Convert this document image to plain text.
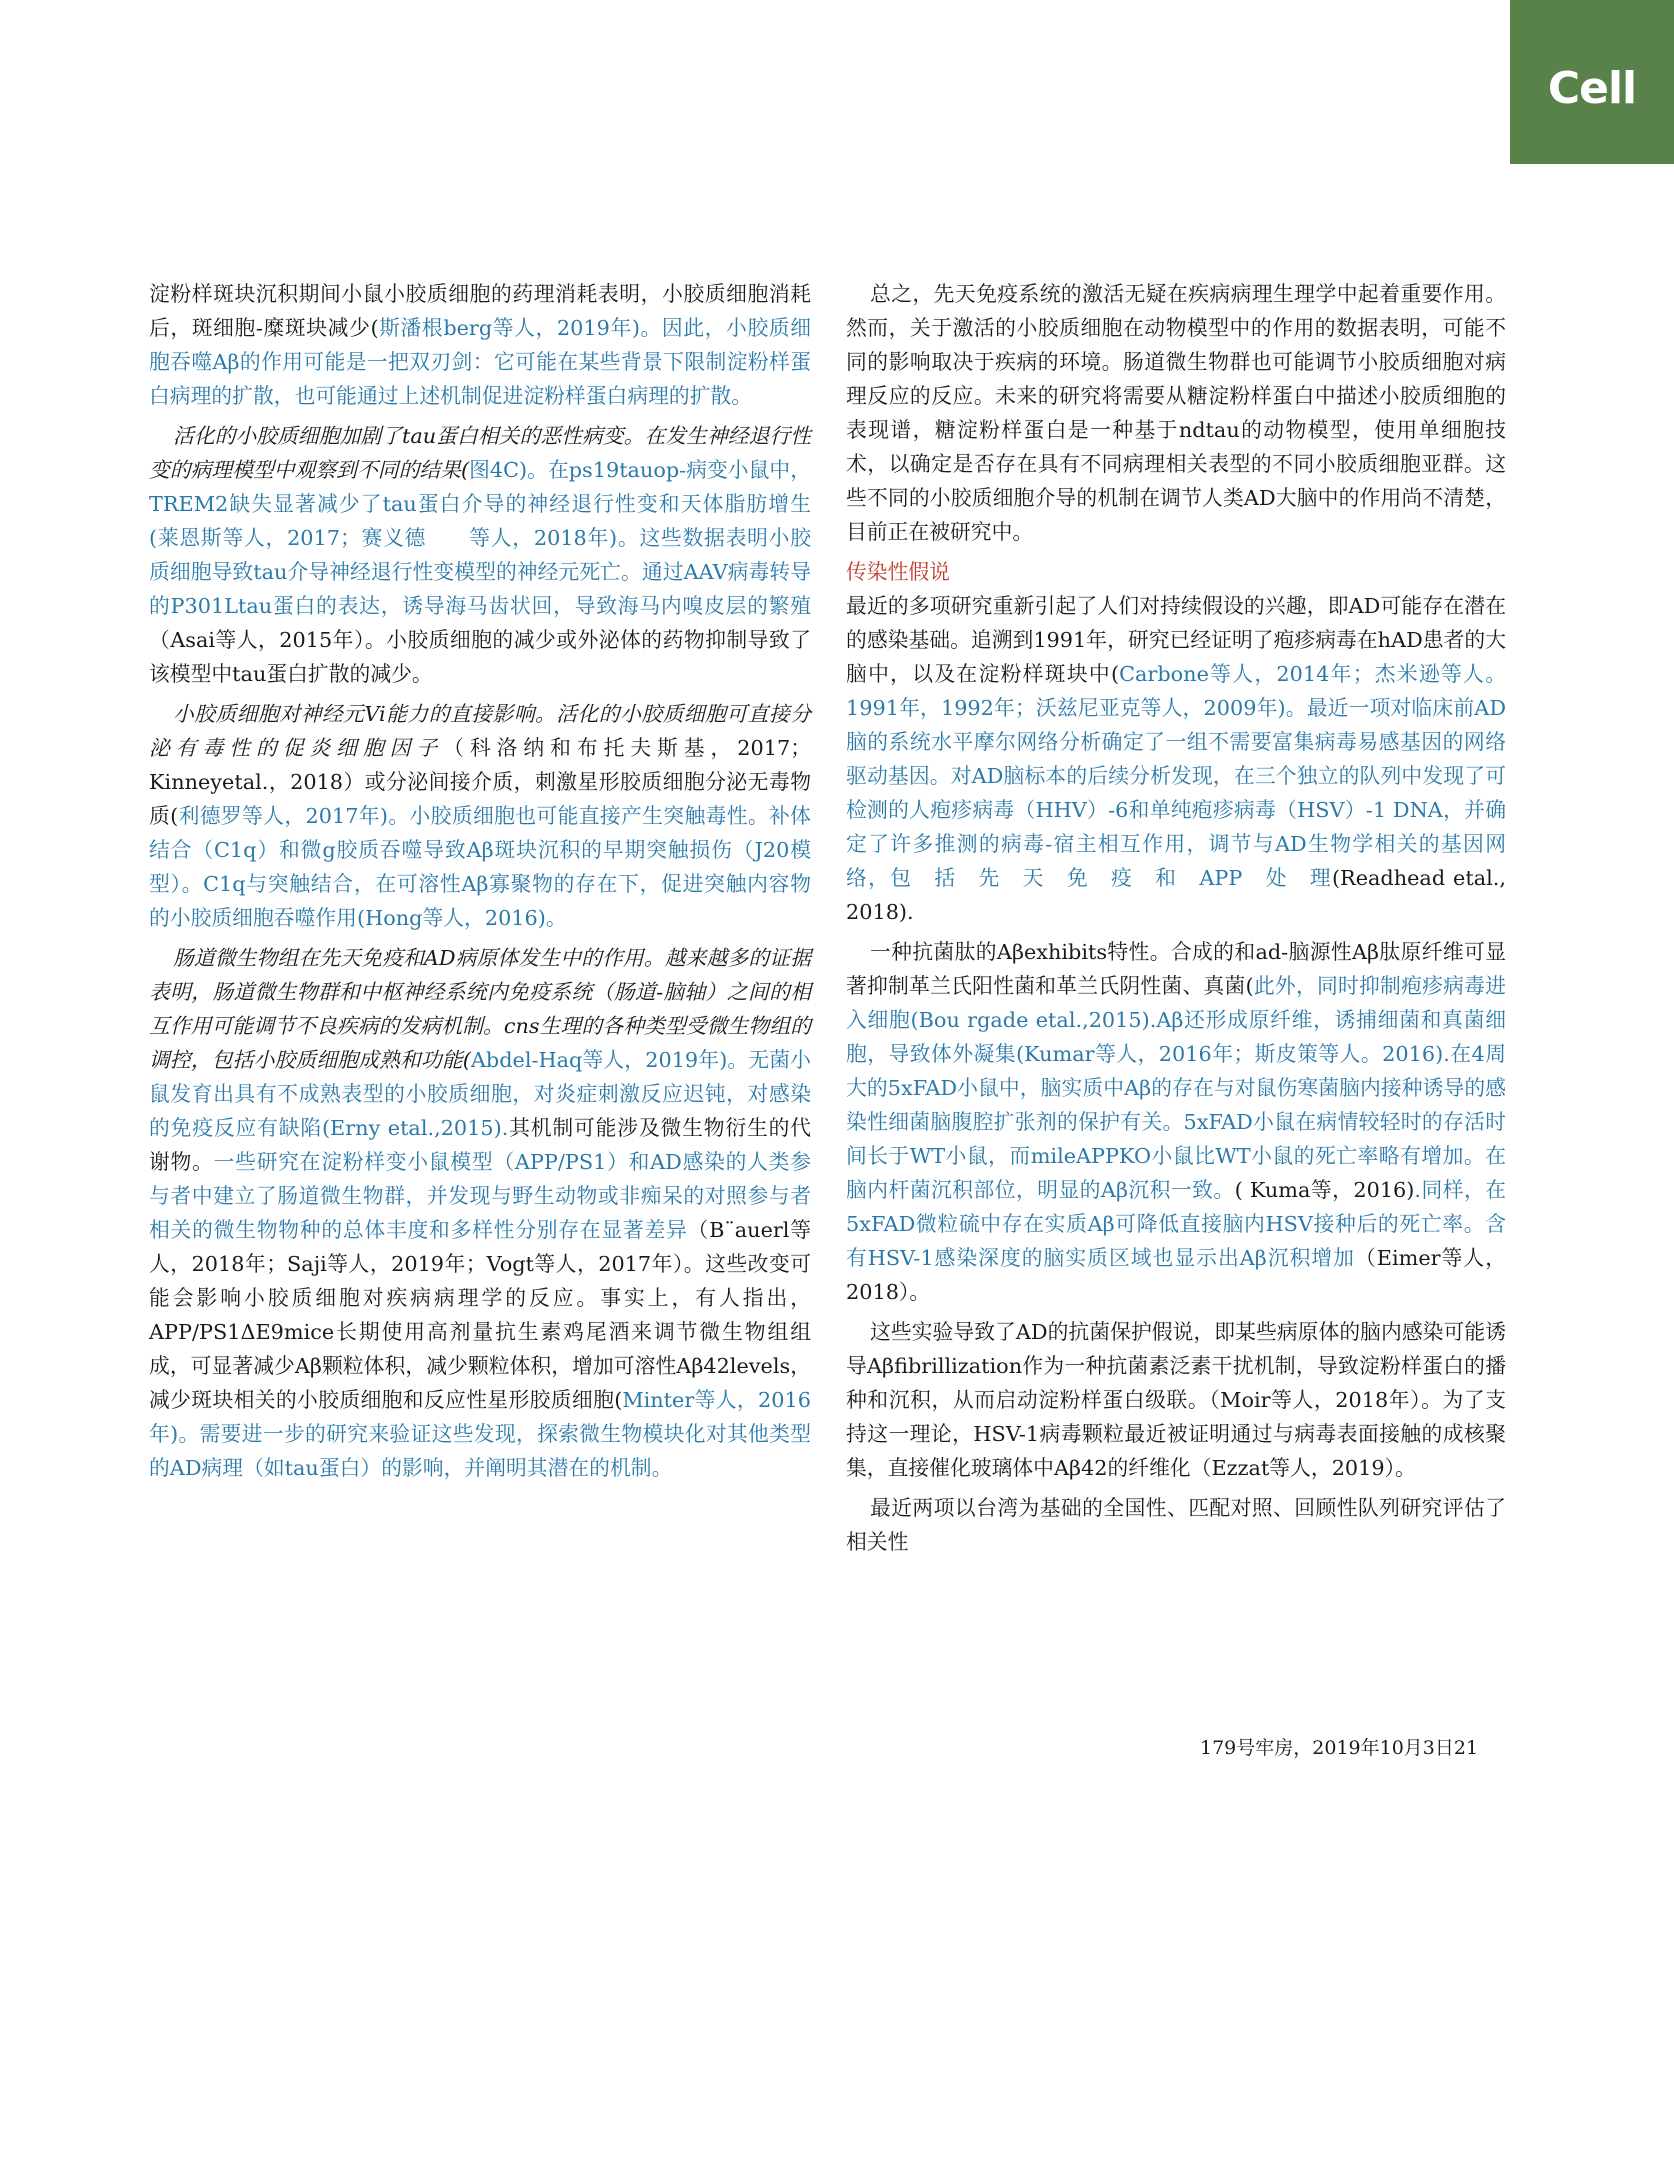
Cell

淀粉样斑块沉积期间小鼠小胶质细胞的药理消耗表明，小胶质细胞消耗后，斑细胞-糜斑块减少(斯潘根berg等人，2019年)。因此，小胶质细胞吞噬Aβ的作用可能是一把双刃剑：它可能在某些背景下限制淀粉样蛋白病理的扩散，也可能通过上述机制促进淀粉样蛋白病理的扩散。

活化的小胶质细胞加剧了tau蛋白相关的恶性病变。在发生神经退行性变的病理模型中观察到不同的结果(图4C)。在ps19tauop-病变小鼠中，TREM2缺失显著减少了tau蛋白介导的神经退行性变和天体脂肪增生(莱恩斯等人，2017；赛义德　　等人，2018年)。这些数据表明小胶质细胞导致tau介导神经退行性变模型的神经元死亡。通过AAV病毒转导的P301Ltau蛋白的表达，诱导海马齿状回，导致海马内嗅皮层的繁殖（Asai等人，2015年）。小胶质细胞的减少或外泌体的药物抑制导致了该模型中tau蛋白扩散的减少。

小胶质细胞对神经元Vi能力的直接影响。活化的小胶质细胞可直接分泌有毒性的促炎细胞因子（科洛纳和布托夫斯基，2017；Kinneyetal.，2018）或分泌间接介质，刺激星形胶质细胞分泌无毒物质(利德罗等人，2017年)。小胶质细胞也可能直接产生突触毒性。补体结合（C1q）和微g胶质吞噬导致Aβ斑块沉积的早期突触损伤（J20模型）。C1q与突触结合，在可溶性Aβ寡聚物的存在下，促进突触内容物的小胶质细胞吞噬作用(Hong等人，2016)。

肠道微生物组在先天免疫和AD病原体发生中的作用。越来越多的证据表明，肠道微生物群和中枢神经系统内免疫系统（肠道-脑轴）之间的相互作用可能调节不良疾病的发病机制。cns生理的各种类型受微生物组的调控，包括小胶质细胞成熟和功能(Abdel-Haq等人，2019年)。无菌小鼠发育出具有不成熟表型的小胶质细胞，对炎症刺激反应迟钝，对感染的免疫反应有缺陷(Erny etal.,2015).其机制可能涉及微生物衍生的代谢物。一些研究在淀粉样变小鼠模型（APP/PS1）和AD感染的人类参与者中建立了肠道微生物群，并发现与野生动物或非痴呆的对照参与者相关的微生物物种的总体丰度和多样性分别存在显著差异（B¨auerl等人，2018年；Saji等人，2019年；Vogt等人，2017年）。这些改变可能会影响小胶质细胞对疾病病理学的反应。事实上，有人指出，APP/PS1ΔE9mice长期使用高剂量抗生素鸡尾酒来调节微生物组组成，可显著减少Aβ颗粒体积，减少颗粒体积，增加可溶性Aβ42levels，减少斑块相关的小胶质细胞和反应性星形胶质细胞(Minter等人，2016年)。需要进一步的研究来验证这些发现，探索微生物模块化对其他类型的AD病理（如tau蛋白）的影响，并阐明其潜在的机制。

总之，先天免疫系统的激活无疑在疾病病理生理学中起着重要作用。然而，关于激活的小胶质细胞在动物模型中的作用的数据表明，可能不同的影响取决于疾病的环境。肠道微生物群也可能调节小胶质细胞对病理反应的反应。未来的研究将需要从糖淀粉样蛋白中描述小胶质细胞的表现谱，糖淀粉样蛋白是一种基于ndtau的动物模型，使用单细胞技术，以确定是否存在具有不同病理相关表型的不同小胶质细胞亚群。这些不同的小胶质细胞介导的机制在调节人类AD大脑中的作用尚不清楚，目前正在被研究中。

传染性假说

最近的多项研究重新引起了人们对持续假设的兴趣，即AD可能存在潜在的感染基础。追溯到1991年，研究已经证明了疱疹病毒在hAD患者的大脑中，以及在淀粉样斑块中(Carbone等人，2014年；杰米逊等人。1991年，1992年；沃兹尼亚克等人，2009年)。最近一项对临床前AD脑的系统水平摩尔网络分析确定了一组不需要富集病毒易感基因的网络驱动基因。对AD脑标本的后续分析发现，在三个独立的队列中发现了可检测的人疱疹病毒（HHV）-6和单纯疱疹病毒（HSV）-1 DNA，并确定了许多推测的病毒-宿主相互作用，调节与AD生物学相关的基因网络，包　括　先　天　免　疫　和　APP　处　理(Readhead etal., 2018).

一种抗菌肽的Aβexhibits特性。合成的和ad-脑源性Aβ肽原纤维可显著抑制革兰氏阳性菌和革兰氏阴性菌、真菌(此外，同时抑制疱疹病毒进入细胞(Bou rgade etal.,2015).Aβ还形成原纤维，诱捕细菌和真菌细胞，导致体外凝集(Kumar等人，2016年；斯皮策等人。2016).在4周大的5xFAD小鼠中，脑实质中Aβ的存在与对鼠伤寒菌脑内接种诱导的感染性细菌脑腹腔扩张剂的保护有关。5xFAD小鼠在病情较轻时的存活时间长于WT小鼠，而mileAPPKO小鼠比WT小鼠的死亡率略有增加。在脑内杆菌沉积部位，明显的Aβ沉积一致。( Kuma等，2016).同样，在5xFAD微粒硫中存在实质Aβ可降低直接脑内HSV接种后的死亡率。含有HSV-1感染深度的脑实质区域也显示出Aβ沉积增加（Eimer等人，2018）。

这些实验导致了AD的抗菌保护假说，即某些病原体的脑内感染可能诱导Aβfibrillization作为一种抗菌素泛素干扰机制，导致淀粉样蛋白的播种和沉积，从而启动淀粉样蛋白级联。（Moir等人，2018年）。为了支持这一理论，HSV-1病毒颗粒最近被证明通过与病毒表面接触的成核聚集，直接催化玻璃体中Aβ42的纤维化（Ezzat等人，2019）。

最近两项以台湾为基础的全国性、匹配对照、回顾性队列研究评估了相关性

179号牢房，2019年10月3日21
